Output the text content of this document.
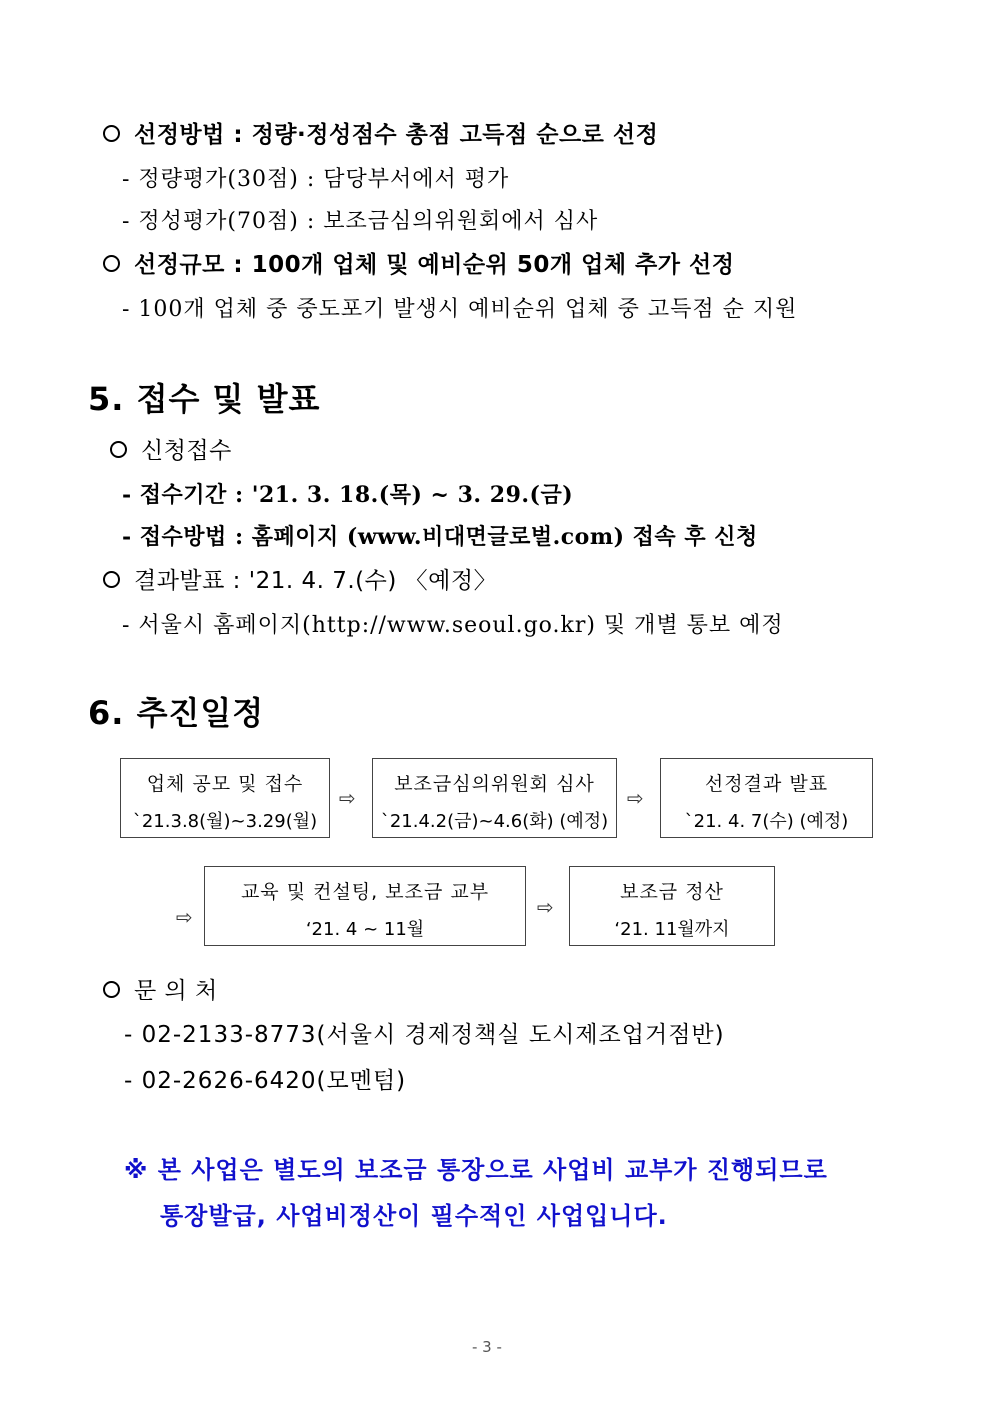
선정방법 : 정량·정성점수 총점 고득점 순으로 선정
- 정량평가(30점) : 담당부서에서 평가
- 정성평가(70점) : 보조금심의위원회에서 심사
선정규모 : 100개 업체 및 예비순위 50개 업체 추가 선정
- 100개 업체 중 중도포기 발생시 예비순위 업체 중 고득점 순 지원
5. 접수 및 발표
신청접수
- 접수기간 : '21. 3. 18.(목) ~ 3. 29.(금)
- 접수방법 : 홈페이지 (www.비대면글로벌.com) 접속 후 신청
결과발표 : '21. 4. 7.(수) 〈예정〉
- 서울시 홈페이지(http://www.seoul.go.kr) 및 개별 통보 예정
6. 추진일정
업체 공모 및 접수
`21.3.8(월)~3.29(월)
⇨
보조금심의위원회 심사
`21.4.2(금)~4.6(화) (예정)
⇨
선정결과 발표
`21. 4. 7(수) (예정)
⇨
교육 및 컨설팅, 보조금 교부
‘21. 4 ~ 11월
⇨
보조금 정산
‘21. 11월까지
문 의 처
- 02-2133-8773(서울시 경제정책실 도시제조업거점반)
- 02-2626-6420(모멘텀)
※ 본 사업은 별도의 보조금 통장으로 사업비 교부가 진행되므로
통장발급, 사업비정산이 필수적인 사업입니다.
- 3 -
